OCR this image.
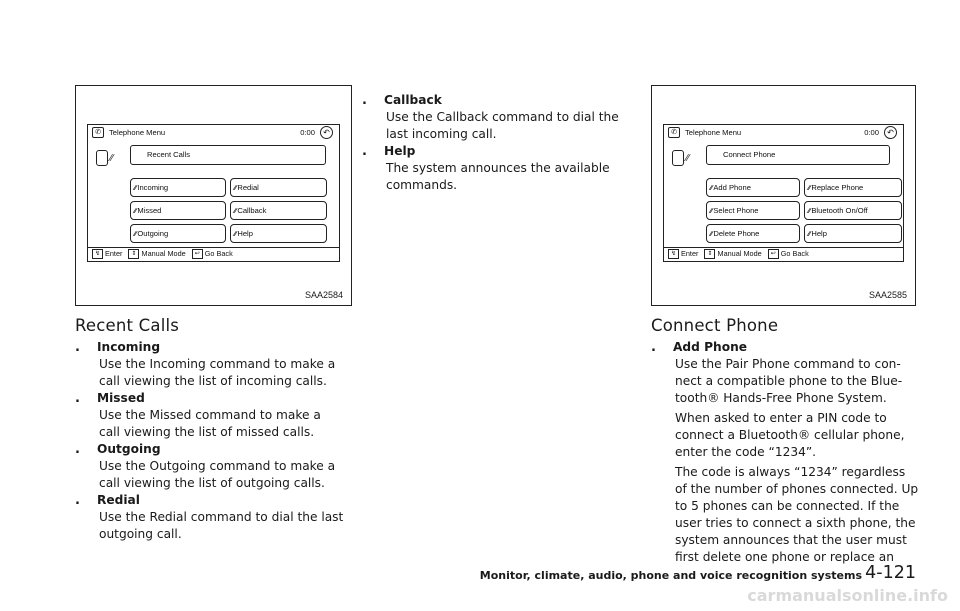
✆	Telephone Menu	0:00	↶
∕∕	Recent Calls
∕∕Incoming	∕∕Redial
∕∕Missed	∕∕Callback
∕∕Outgoing	∕∕Help
↯ Enter ⇕ Manual Mode ↩ Go Back
SAA2584
✆	Telephone Menu	0:00	↶
∕∕	Connect Phone
∕∕Add Phone	∕∕Replace Phone
∕∕Select Phone	∕∕Bluetooth On/Off
∕∕Delete Phone	∕∕Help
↯ Enter ⇕ Manual Mode ↩ Go Back
SAA2585
Recent Calls
. Incoming
Use the Incoming command to make a
call viewing the list of incoming calls.
. Missed
Use the Missed command to make a
call viewing the list of missed calls.
. Outgoing
Use the Outgoing command to make a
call viewing the list of outgoing calls.
. Redial
Use the Redial command to dial the last
outgoing call.
. Callback
Use the Callback command to dial the
last incoming call.
. Help
The system announces the available
commands.
Connect Phone
. Add Phone
Use the Pair Phone command to con-
nect a compatible phone to the Blue-
tooth® Hands-Free Phone System.
When asked to enter a PIN code to
connect a Bluetooth® cellular phone,
enter the code “1234”.
The code is always “1234” regardless
of the number of phones connected. Up
to 5 phones can be connected. If the
user tries to connect a sixth phone, the
system announces that the user must
first delete one phone or replace an
Monitor, climate, audio, phone and voice recognition systems 4-121
carmanualsonline.info
